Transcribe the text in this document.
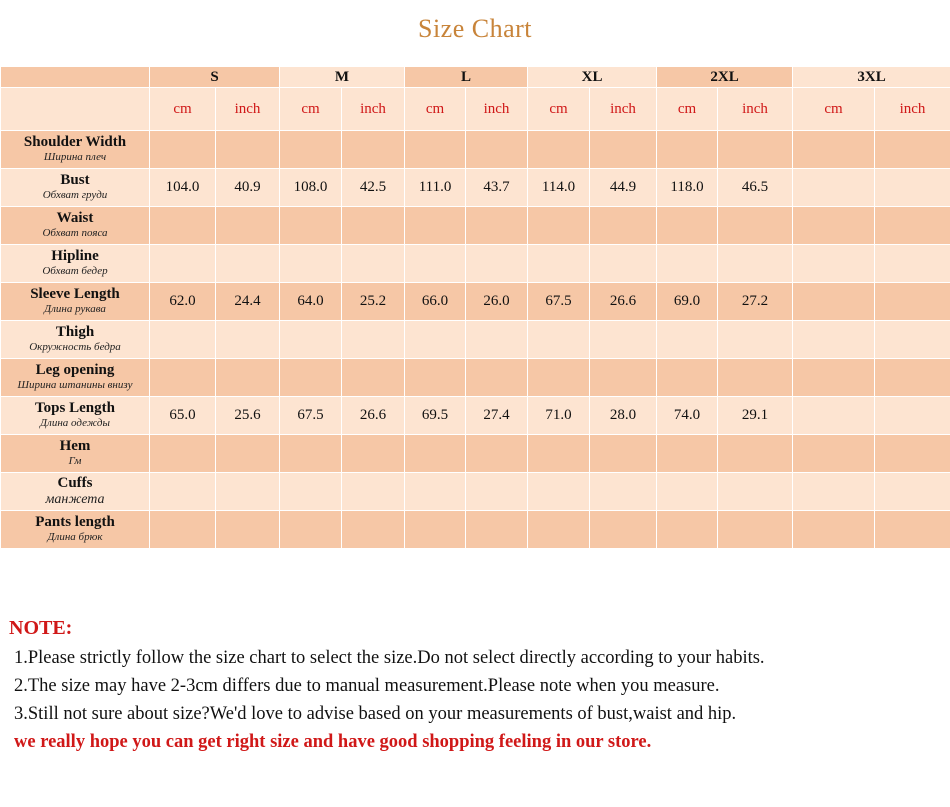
Size Chart
	S		M		L		XL		2XL		3XL	
	cm	inch	cm	inch	cm	inch	cm	inch	cm	inch	cm	inch

Shoulder Width
Ширина плеч												

Bust
Обхват груди	104.0	40.9	108.0	42.5	111.0	43.7	114.0	44.9	118.0	46.5		

Waist
Обхват пояса												

Hipline
Обхват бедер												

Sleeve Length
Длина рукава	62.0	24.4	64.0	25.2	66.0	26.0	67.5	26.6	69.0	27.2		

Thigh
Окружность бедра												

Leg opening
Ширина штанины внизу												

Tops Length
Длина одежды	65.0	25.6	67.5	26.6	69.5	27.4	71.0	28.0	74.0	29.1		

Hem
Гм												

Cuffs
манжета												

Pants length
Длина брюк												

NOTE:
1.Please strictly follow the size chart to select the size.Do not select directly according to your habits.
2.The size may have 2-3cm differs due to manual measurement.Please note when you measure.
3.Still not sure about size?We'd love to advise based on your measurements of bust,waist and hip.
we really hope you can get right size and have good shopping feeling in our store.
